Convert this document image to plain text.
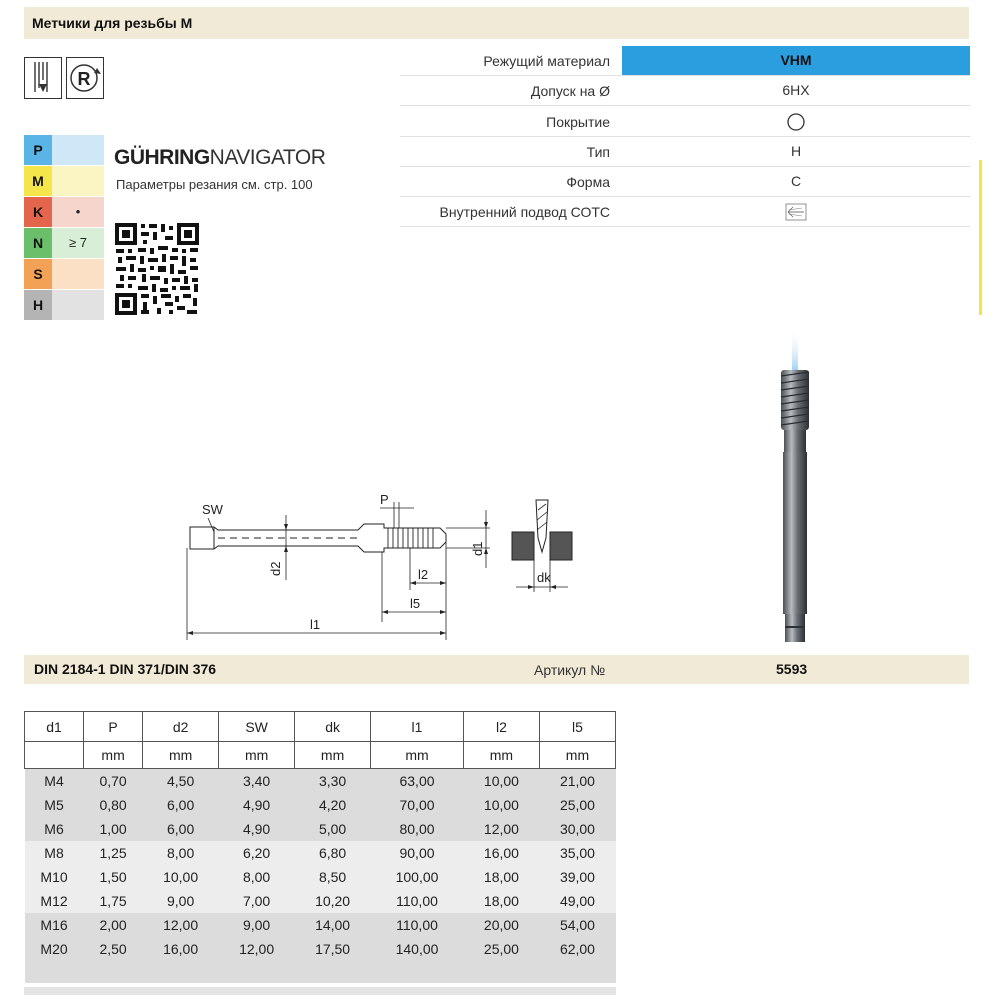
Метчики для резьбы М
R
Режущий материал	VHM
Допуск на Ø	6HX
Покрытие
Тип	H
Форма	C
Внутренний подвод СОТС
P
M
K	•
N	≥ 7
S
H
GÜHRINGNAVIGATOR
Параметры резания см. стр. 100
SW
P
d2
d1
l2
l5
l1
dk
DIN 2184-1 DIN 371/DIN 376	Артикул №	5593
d1	P	d2	SW	dk	l1	l2	l5
	mm	mm	mm	mm	mm	mm	mm
M4	0,70	4,50	3,40	3,30	63,00	10,00	21,00
M5	0,80	6,00	4,90	4,20	70,00	10,00	25,00
M6	1,00	6,00	4,90	5,00	80,00	12,00	30,00
M8	1,25	8,00	6,20	6,80	90,00	16,00	35,00
M10	1,50	10,00	8,00	8,50	100,00	18,00	39,00
M12	1,75	9,00	7,00	10,20	110,00	18,00	49,00
M16	2,00	12,00	9,00	14,00	110,00	20,00	54,00
M20	2,50	16,00	12,00	17,50	140,00	25,00	62,00
